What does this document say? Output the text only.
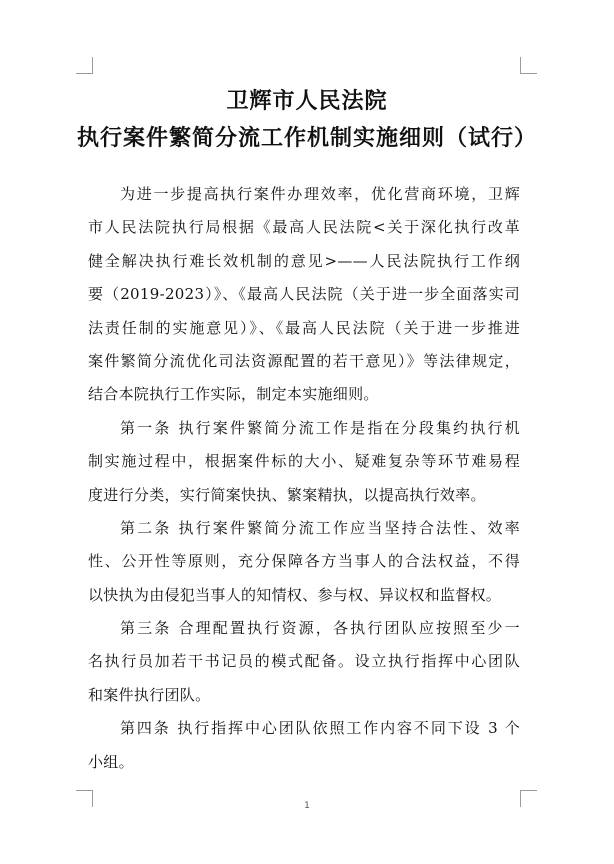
卫辉市人民法院
执行案件繁简分流工作机制实施细则（试行）
为进一步提高执行案件办理效率，优化营商环境，卫辉
市人民法院执行局根据《最高人民法院<关于深化执行改革
健全解决执行难长效机制的意见>——人民法院执行工作纲
要（2019-2023）》、《最高人民法院（关于进一步全面落实司
法责任制的实施意见）》、《最高人民法院（关于进一步推进
案件繁简分流优化司法资源配置的若干意见）》等法律规定，
结合本院执行工作实际，制定本实施细则。
第一条 执行案件繁简分流工作是指在分段集约执行机
制实施过程中，根据案件标的大小、疑难复杂等环节难易程
度进行分类，实行简案快执、繁案精执，以提高执行效率。
第二条 执行案件繁简分流工作应当坚持合法性、效率
性、公开性等原则，充分保障各方当事人的合法权益，不得
以快执为由侵犯当事人的知情权、参与权、异议权和监督权。
第三条 合理配置执行资源，各执行团队应按照至少一
名执行员加若干书记员的模式配备。设立执行指挥中心团队
和案件执行团队。
第四条 执行指挥中心团队依照工作内容不同下设 3 个
小组。
1
